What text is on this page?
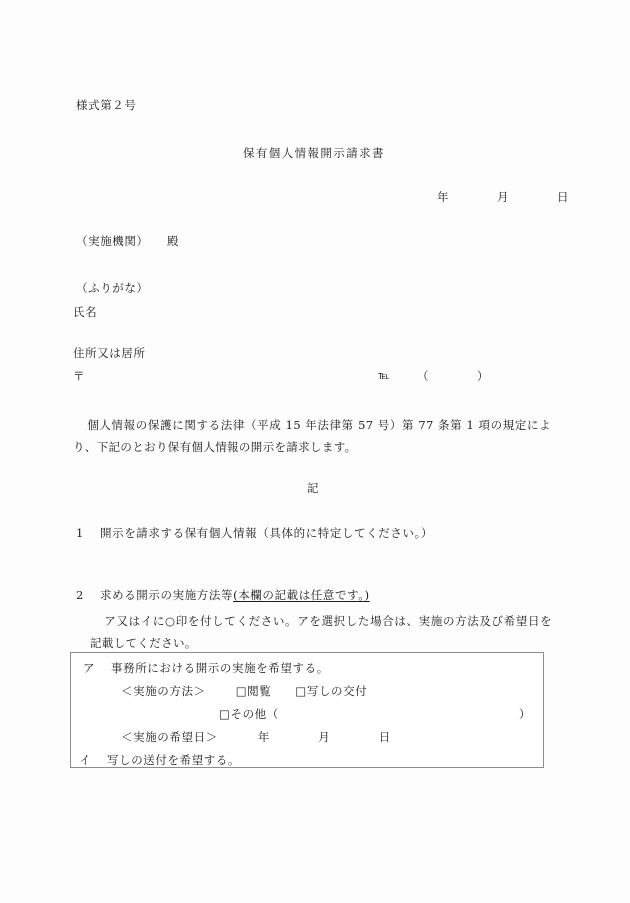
様式第２号
保有個人情報開示請求書
年　　　　月　　　　日
（実施機関）　　殿
（ふりがな）
氏名
住所又は居所
〒	℡ （　　　　）
個人情報の保護に関する法律（平成 15 年法律第 57 号）第 77 条第 1 項の規定により、下記のとおり保有個人情報の開示を請求します。
記
1 開示を請求する保有個人情報（具体的に特定してください。）
2 求める開示の実施方法等(本欄の記載は任意です。)
ア又はイに○印を付してください。アを選択した場合は、実施の方法及び希望日を記載してください。
ア 事務所における開示の実施を希望する。
＜実施の方法＞	□閲覧 □写しの交付
□その他（	）
＜実施の希望日＞	年　　　　月　　　　日
イ 写しの送付を希望する。
